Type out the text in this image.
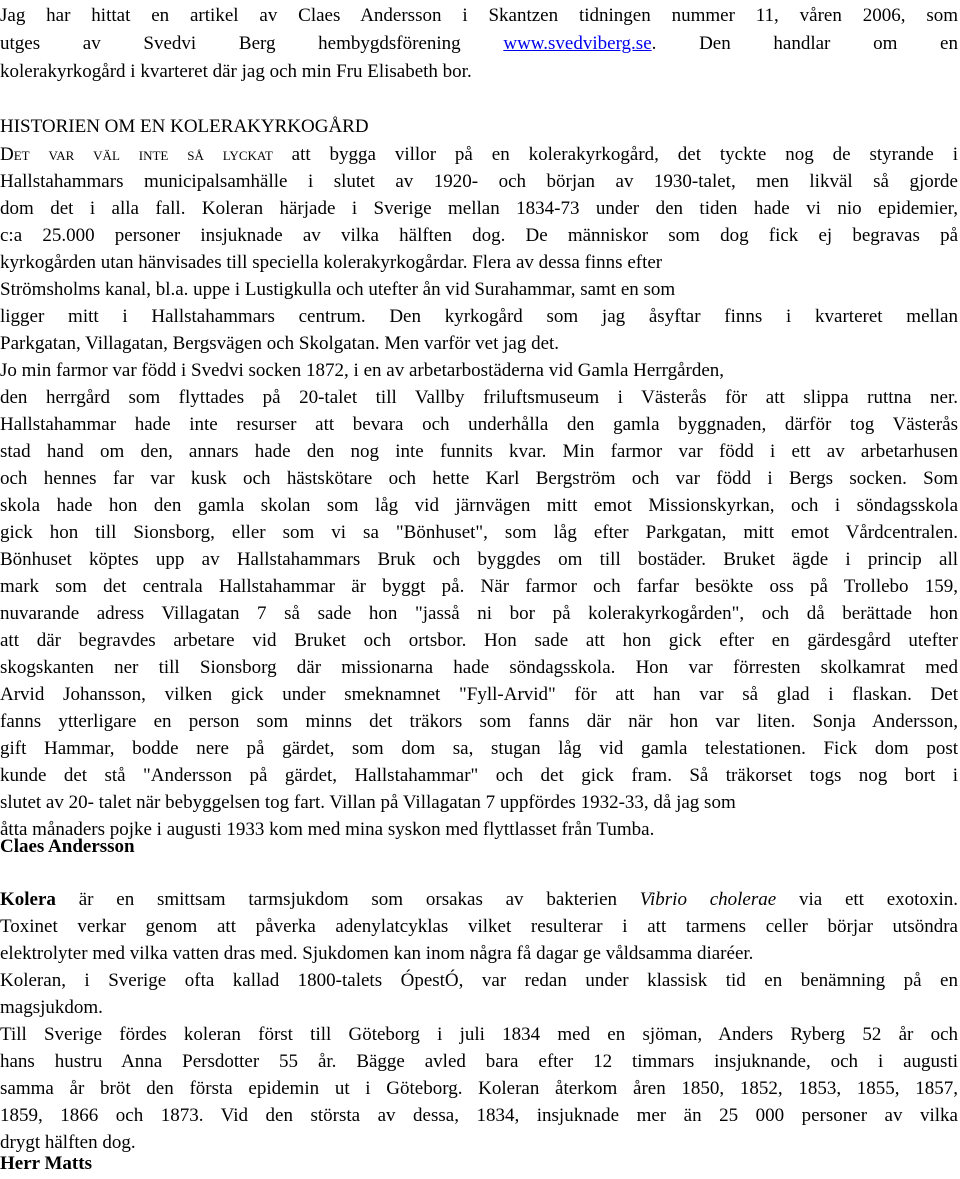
Jag har hittat en artikel av Claes Andersson i Skantzen tidningen nummer 11, våren 2006, som
utges av Svedvi Berg hembygdsförening www.svedviberg.se. Den handlar om en
kolerakyrkogård i kvarteret där jag och min Fru Elisabeth bor.
HISTORIEN OM EN KOLERAKYRKOGÅRD
Det var väl inte så lyckat att bygga villor på en kolerakyrkogård, det tyckte nog de styrande i
Hallstahammars municipalsamhälle i slutet av 1920- och början av 1930-talet, men likväl så gjorde
dom det i alla fall. Koleran härjade i Sverige mellan 1834-73 under den tiden hade vi nio epidemier,
c:a 25.000 personer insjuknade av vilka hälften dog. De människor som dog fick ej begravas på
kyrkogården utan hänvisades till speciella kolerakyrkogårdar. Flera av dessa finns efter
Strömsholms kanal, bl.a. uppe i Lustigkulla och utefter ån vid Surahammar, samt en som
ligger mitt i Hallstahammars centrum. Den kyrkogård som jag åsyftar finns i kvarteret mellan
Parkgatan, Villagatan, Bergsvägen och Skolgatan. Men varför vet jag det.
Jo min farmor var född i Svedvi socken 1872, i en av arbetarbostäderna vid Gamla Herrgården,
den herrgård som flyttades på 20-talet till Vallby friluftsmuseum i Västerås för att slippa ruttna ner.
Hallstahammar hade inte resurser att bevara och underhålla den gamla byggnaden, därför tog Västerås
stad hand om den, annars hade den nog inte funnits kvar. Min farmor var född i ett av arbetarhusen
och hennes far var kusk och hästskötare och hette Karl Bergström och var född i Bergs socken. Som
skola hade hon den gamla skolan som låg vid järnvägen mitt emot Missionskyrkan, och i söndagsskola
gick hon till Sionsborg, eller som vi sa "Bönhuset", som låg efter Parkgatan, mitt emot Vårdcentralen.
Bönhuset köptes upp av Hallstahammars Bruk och byggdes om till bostäder. Bruket ägde i princip all
mark som det centrala Hallstahammar är byggt på. När farmor och farfar besökte oss på Trollebo 159,
nuvarande adress Villagatan 7 så sade hon "jasså ni bor på kolerakyrkogården", och då berättade hon
att där begravdes arbetare vid Bruket och ortsbor. Hon sade att hon gick efter en gärdesgård utefter
skogskanten ner till Sionsborg där missionarna hade söndagsskola. Hon var förresten skolkamrat med
Arvid Johansson, vilken gick under smeknamnet "Fyll-Arvid" för att han var så glad i flaskan. Det
fanns ytterligare en person som minns det träkors som fanns där när hon var liten. Sonja Andersson,
gift Hammar, bodde nere på gärdet, som dom sa, stugan låg vid gamla telestationen. Fick dom post
kunde det stå "Andersson på gärdet, Hallstahammar" och det gick fram. Så träkorset togs nog bort i
slutet av 20- talet när bebyggelsen tog fart. Villan på Villagatan 7 uppfördes 1932-33, då jag som
åtta månaders pojke i augusti 1933 kom med mina syskon med flyttlasset från Tumba.
Claes Andersson
Kolera är en smittsam tarmsjukdom som orsakas av bakterien Vibrio cholerae via ett exotoxin.
Toxinet verkar genom att påverka adenylatcyklas vilket resulterar i att tarmens celler börjar utsöndra
elektrolyter med vilka vatten dras med. Sjukdomen kan inom några få dagar ge våldsamma diaréer.
Koleran, i Sverige ofta kallad 1800-talets ÓpestÓ, var redan under klassisk tid en benämning på en
magsjukdom.
Till Sverige fördes koleran först till Göteborg i juli 1834 med en sjöman, Anders Ryberg 52 år och
hans hustru Anna Persdotter 55 år. Bägge avled bara efter 12 timmars insjuknande, och i augusti
samma år bröt den första epidemin ut i Göteborg. Koleran återkom åren 1850, 1852, 1853, 1855, 1857,
1859, 1866 och 1873. Vid den största av dessa, 1834, insjuknade mer än 25 000 personer av vilka
drygt hälften dog.
Herr Matts
